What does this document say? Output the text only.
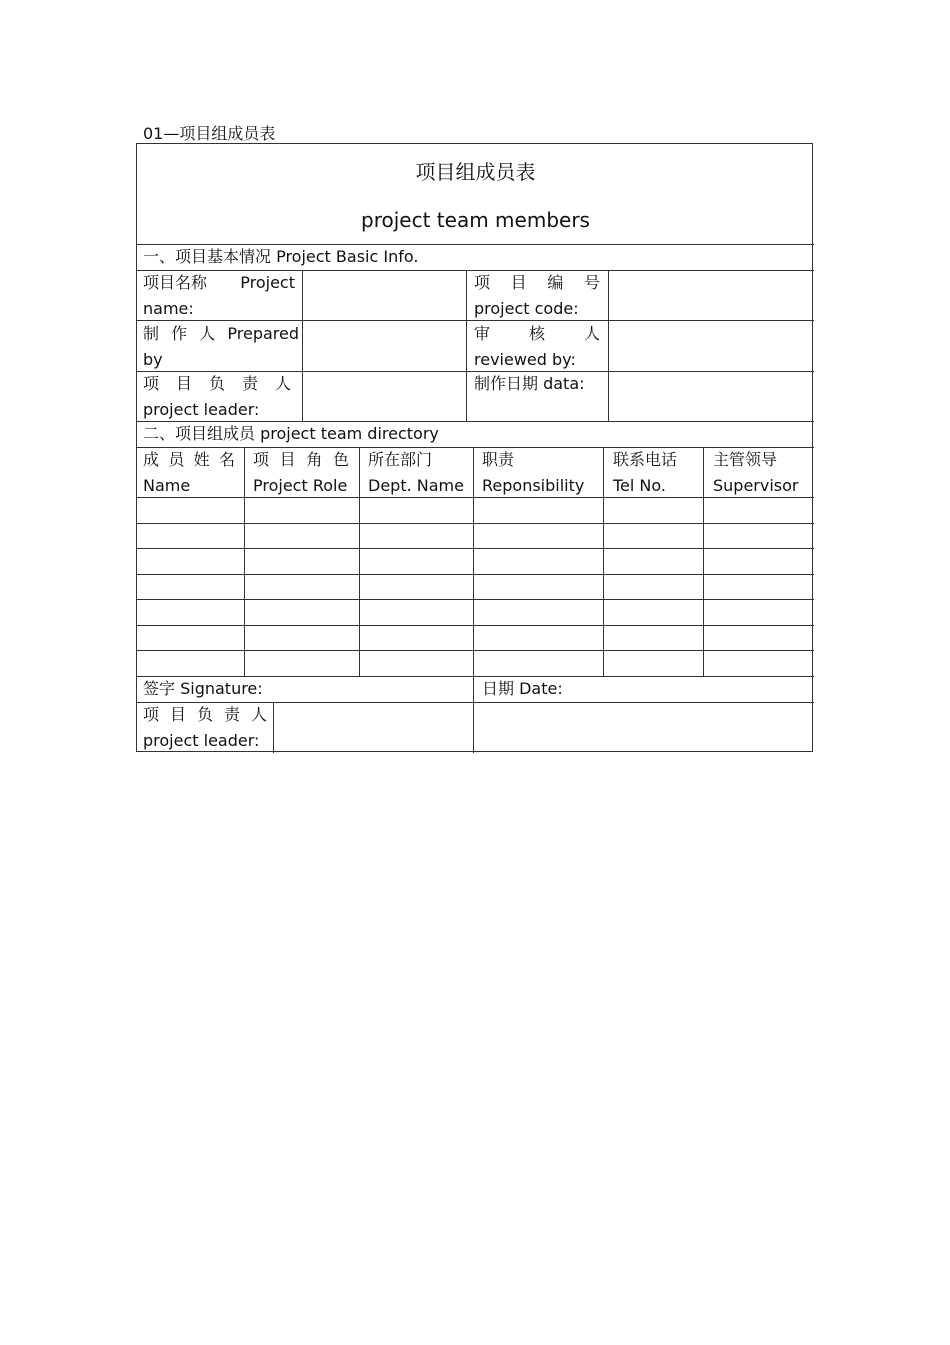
01—项目组成员表
项目组成员表
project team members
一、项目基本情况 Project Basic Info.
项 目 名 称 Project
name:
项 目 编 号
project code:
制 作 人 Prepared
by
审 核 人
reviewed by:
项 目 负 责 人
project leader:
制作日期 data:
二、项目组成员 project team directory
成 员 姓 名
Name
项 目 角 色
Project Role
所在部门
Dept. Name
职责
Reponsibility
联系电话
Tel No.
主管领导
Supervisor
签字 Signature:	日期 Date:
项 目 负 责 人
project leader:
